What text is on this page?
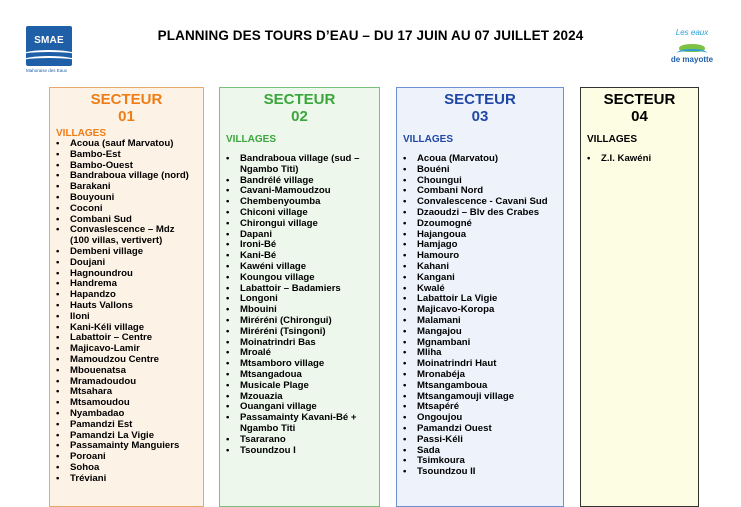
SMAE
Mahoraise des Eaux
PLANNING DES TOURS D’EAU – DU 17 JUIN AU 07 JUILLET 2024	Les eaux
de mayotte
SECTEUR
01
VILLAGES
• Acoua (sauf Marvatou)
• Bambo-Est
• Bambo-Ouest
• Bandraboua village (nord)
• Barakani
• Bouyouni
• Coconi
• Combani Sud
• Convaslescence – Mdz
(100 villas, vertivert)
• Dembeni village
• Doujani
• Hagnoundrou
• Handrema
• Hapandzo
• Hauts Vallons
• Iloni
• Kani-Kéli village
• Labattoir – Centre
• Majicavo-Lamir
• Mamoudzou Centre
• Mbouenatsa
• Mramadoudou
• Mtsahara
• Mtsamoudou
• Nyambadao
• Pamandzi Est
• Pamandzi La Vigie
• Passamainty Manguiers
• Poroani
• Sohoa
• Tréviani
SECTEUR
02
VILLAGES
• Bandraboua village (sud –
Ngambo Titi)
• Bandrélé village
• Cavani-Mamoudzou
• Chembenyoumba
• Chiconi village
• Chirongui village
• Dapani
• Ironi-Bé
• Kani-Bé
• Kawéni village
• Koungou village
• Labattoir – Badamiers
• Longoni
• Mbouini
• Miréréni (Chirongui)
• Miréréni (Tsingoni)
• Moinatrindri Bas
• Mroalé
• Mtsamboro village
• Mtsangadoua
• Musicale Plage
• Mzouazia
• Ouangani village
• Passamainty Kavani-Bé +
Ngambo Titi
• Tsararano
• Tsoundzou I
SECTEUR
03
VILLAGES
• Acoua (Marvatou)
• Bouéni
• Choungui
• Combani Nord
• Convalescence - Cavani Sud
• Dzaoudzi – Blv des Crabes
• Dzoumogné
• Hajangoua
• Hamjago
• Hamouro
• Kahani
• Kangani
• Kwalé
• Labattoir La Vigie
• Majicavo-Koropa
• Malamani
• Mangajou
• Mgnambani
• Mliha
• Moinatrindri Haut
• Mronabéja
• Mtsangamboua
• Mtsangamouji village
• Mtsapéré
• Ongoujou
• Pamandzi Ouest
• Passi-Kéli
• Sada
• Tsimkoura
• Tsoundzou II
SECTEUR
04
VILLAGES
• Z.I. Kawéni
